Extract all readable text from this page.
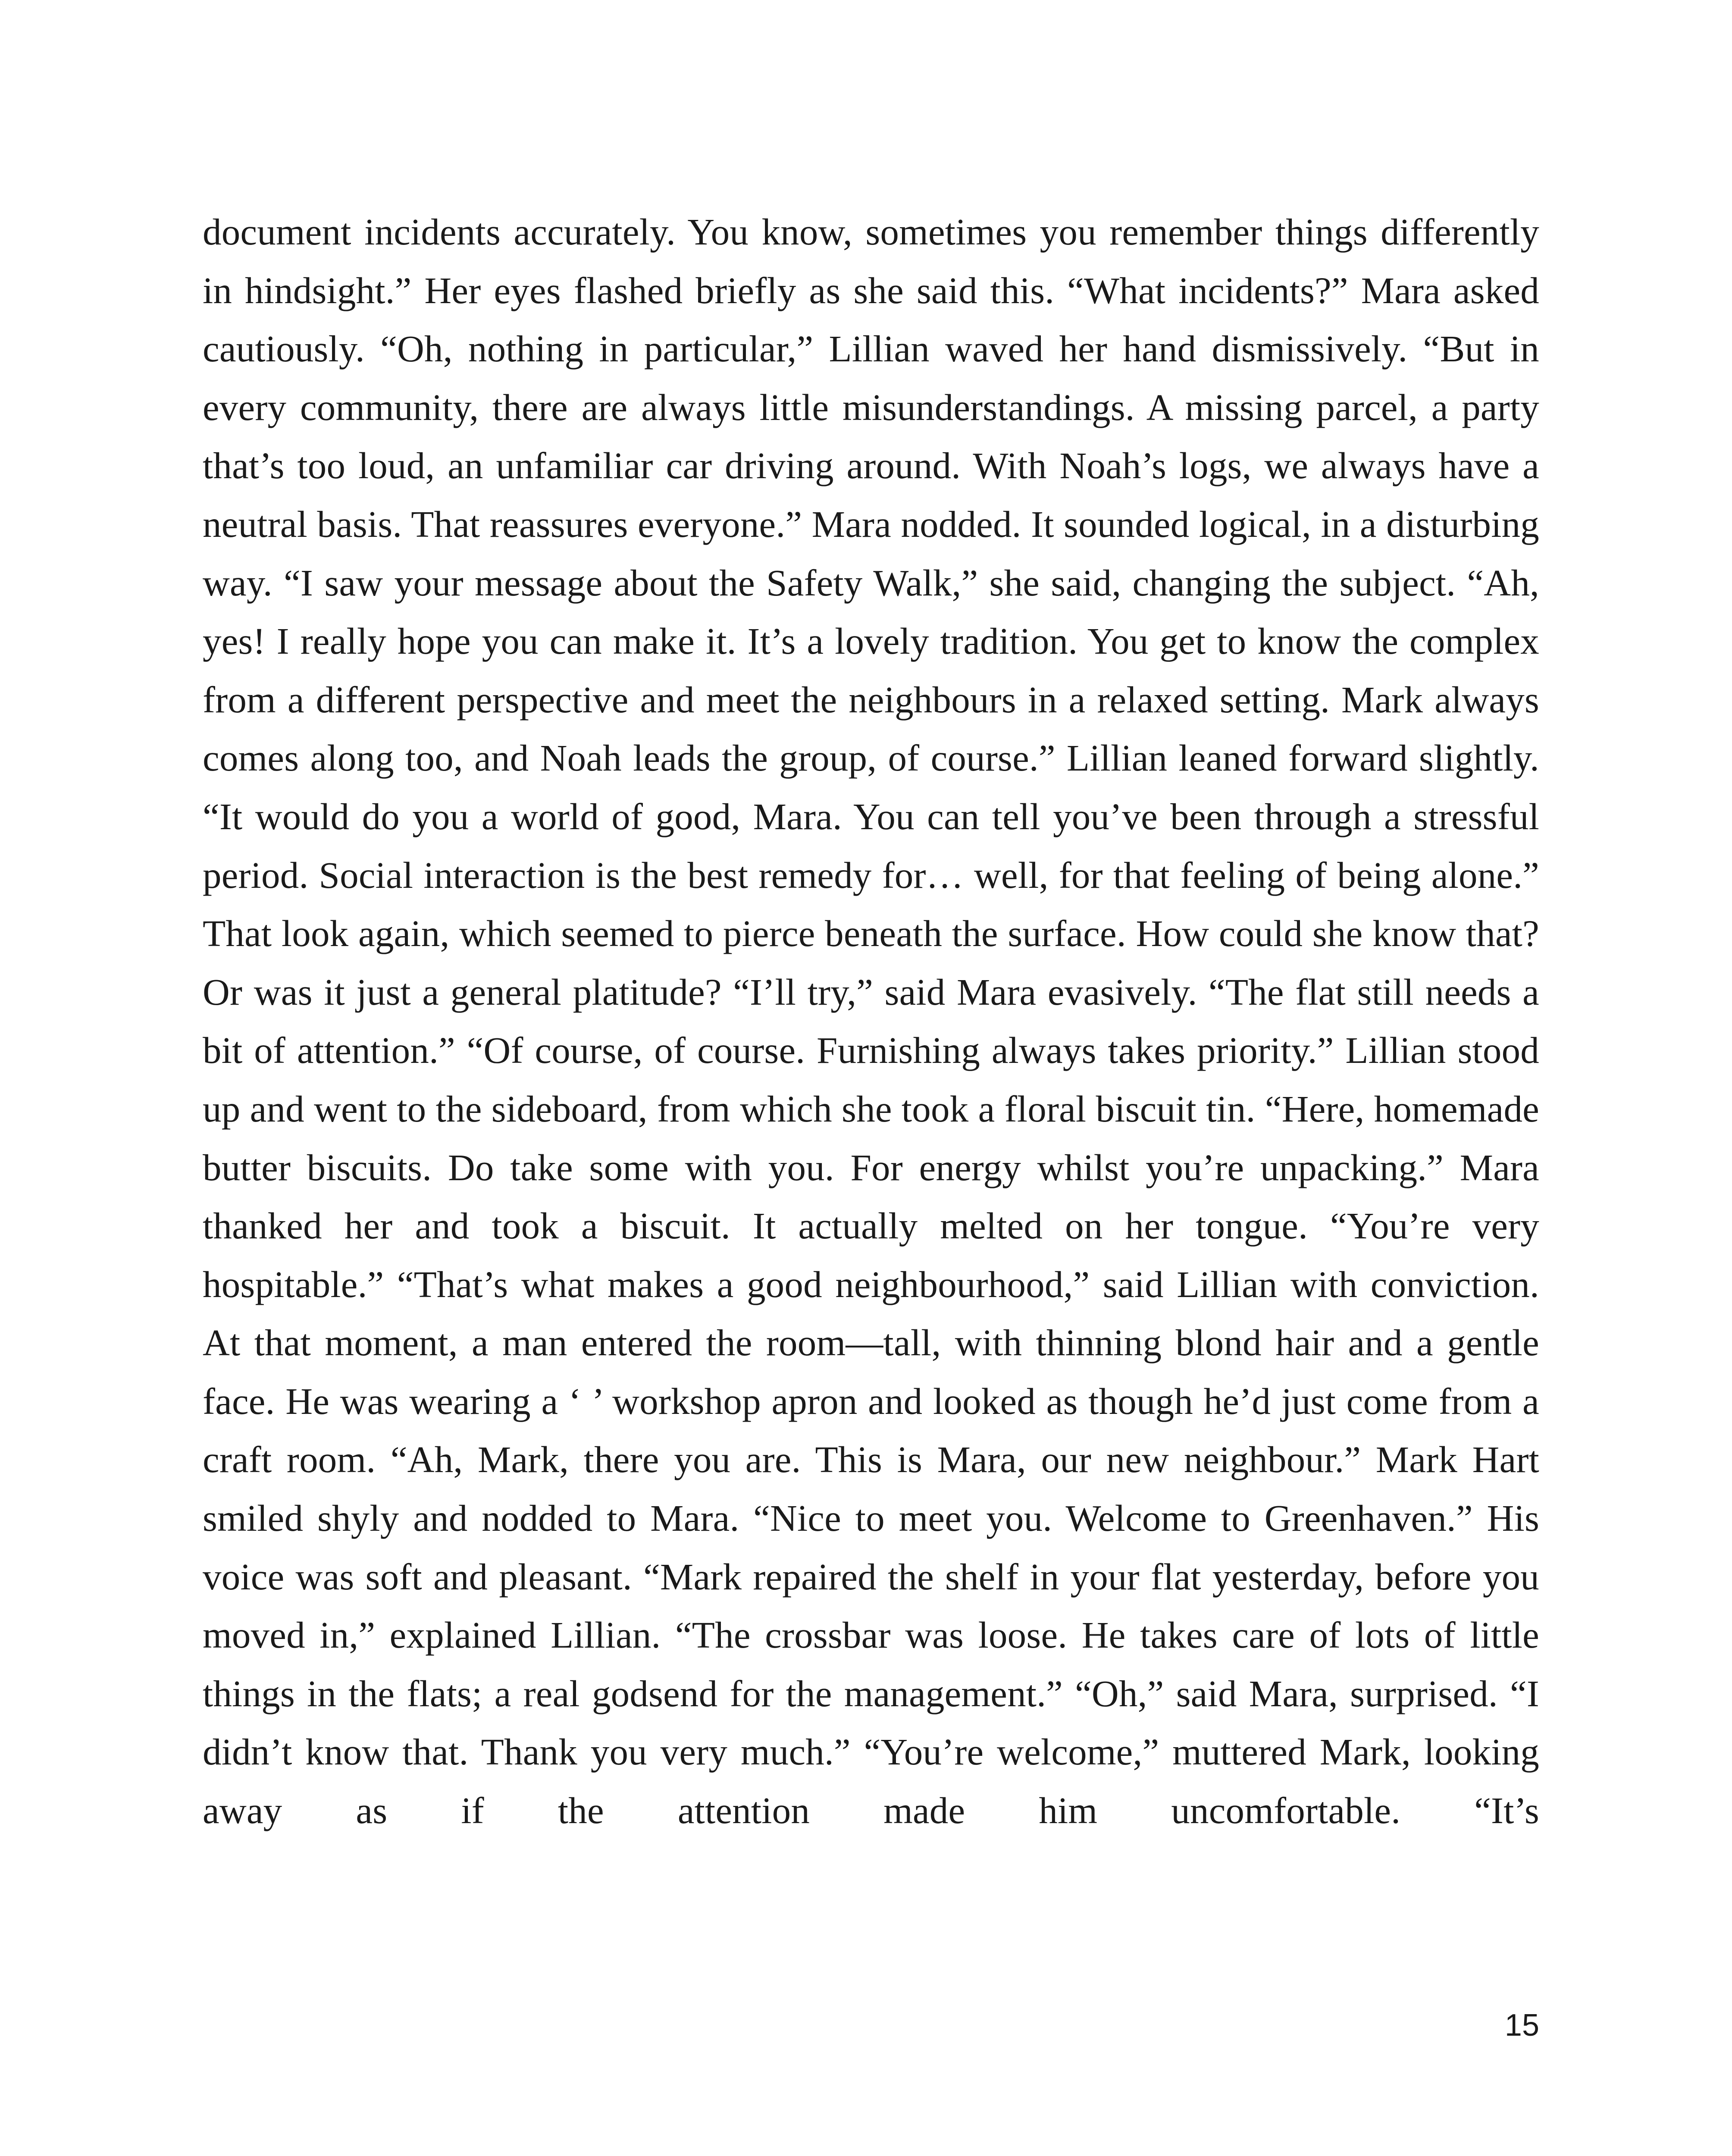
document incidents accurately. You know, sometimes you remember things differently in hindsight.” Her eyes flashed briefly as she said this. “What incidents?” Mara asked cautiously. “Oh, nothing in particular,” Lillian waved her hand dismissively. “But in every community, there are always little misunderstandings. A missing parcel, a party that’s too loud, an unfamiliar car driving around. With Noah’s logs, we always have a neutral basis. That reassures everyone.” Mara nodded. It sounded logical, in a disturbing way. “I saw your message about the Safety Walk,” she said, changing the subject. “Ah, yes! I really hope you can make it. It’s a lovely tradition. You get to know the complex from a different perspective and meet the neighbours in a relaxed setting. Mark always comes along too, and Noah leads the group, of course.” Lillian leaned forward slightly. “It would do you a world of good, Mara. You can tell you’ve been through a stressful period. Social interaction is the best remedy for… well, for that feeling of being alone.” That look again, which seemed to pierce beneath the surface. How could she know that? Or was it just a general platitude? “I’ll try,” said Mara evasively. “The flat still needs a bit of attention.” “Of course, of course. Furnishing always takes priority.” Lillian stood up and went to the sideboard, from which she took a floral biscuit tin. “Here, homemade butter biscuits. Do take some with you. For energy whilst you’re unpacking.” Mara thanked her and took a biscuit. It actually melted on her tongue. “You’re very hospitable.” “That’s what makes a good neighbourhood,” said Lillian with conviction. At that moment, a man entered the room—tall, with thinning blond hair and a gentle face. He was wearing a ‘ ’ workshop apron and looked as though he’d just come from a craft room. “Ah, Mark, there you are. This is Mara, our new neighbour.” Mark Hart smiled shyly and nodded to Mara. “Nice to meet you. Welcome to Greenhaven.” His voice was soft and pleasant. “Mark repaired the shelf in your flat yesterday, before you moved in,” explained Lillian. “The crossbar was loose. He takes care of lots of little things in the flats; a real godsend for the management.” “Oh,” said Mara, surprised. “I didn’t know that. Thank you very much.” “You’re welcome,” muttered Mark, looking away as if the attention made him uncomfortable. “It’s

15
